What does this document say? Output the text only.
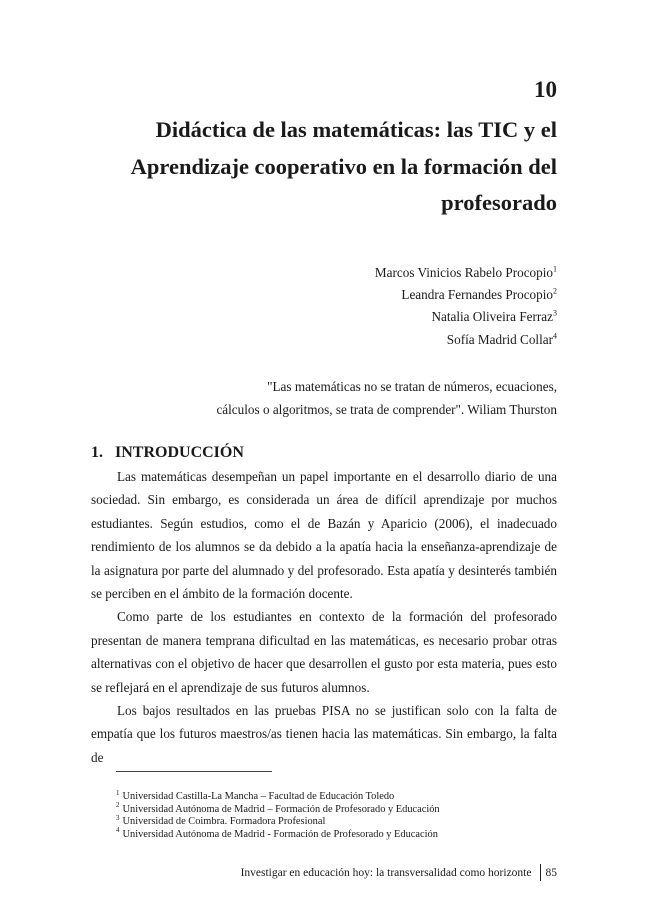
10
Didáctica de las matemáticas: las TIC y el Aprendizaje cooperativo en la formación del profesorado
Marcos Vinicios Rabelo Procopio$^1$
Leandra Fernandes Procopio$^2$
Natalia Oliveira Ferraz$^3$
Sofía Madrid Collar$^4$
"Las matemáticas no se tratan de números, ecuaciones,
cálculos o algoritmos, se trata de comprender". Wiliam Thurston
1. INTRODUCCIÓN

Las matemáticas desempeñan un papel importante en el desarrollo diario de una sociedad. Sin embargo, es considerada un área de difícil aprendizaje por muchos estudiantes. Según estudios, como el de Bazán y Aparicio (2006), el inadecuado rendimiento de los alumnos se da debido a la apatía hacia la enseñanza-aprendizaje de la asignatura por parte del alumnado y del profesorado. Esta apatía y desinterés también se perciben en el ámbito de la formación docente.

Como parte de los estudiantes en contexto de la formación del profesorado presentan de manera temprana dificultad en las matemáticas, es necesario probar otras alternativas con el objetivo de hacer que desarrollen el gusto por esta materia, pues esto se reflejará en el aprendizaje de sus futuros alumnos.

Los bajos resultados en las pruebas PISA no se justifican solo con la falta de empatía que los futuros maestros/as tienen hacia las matemáticas. Sin embargo, la falta de

$^1$ Universidad Castilla-La Mancha – Facultad de Educación Toledo
$^2$ Universidad Autónoma de Madrid – Formación de Profesorado y Educación
$^3$ Universidad de Coimbra. Formadora Profesional
$^4$ Universidad Autónoma de Madrid - Formación de Profesorado y Educación
Investigar en educación hoy: la transversalidad como horizonte 85
